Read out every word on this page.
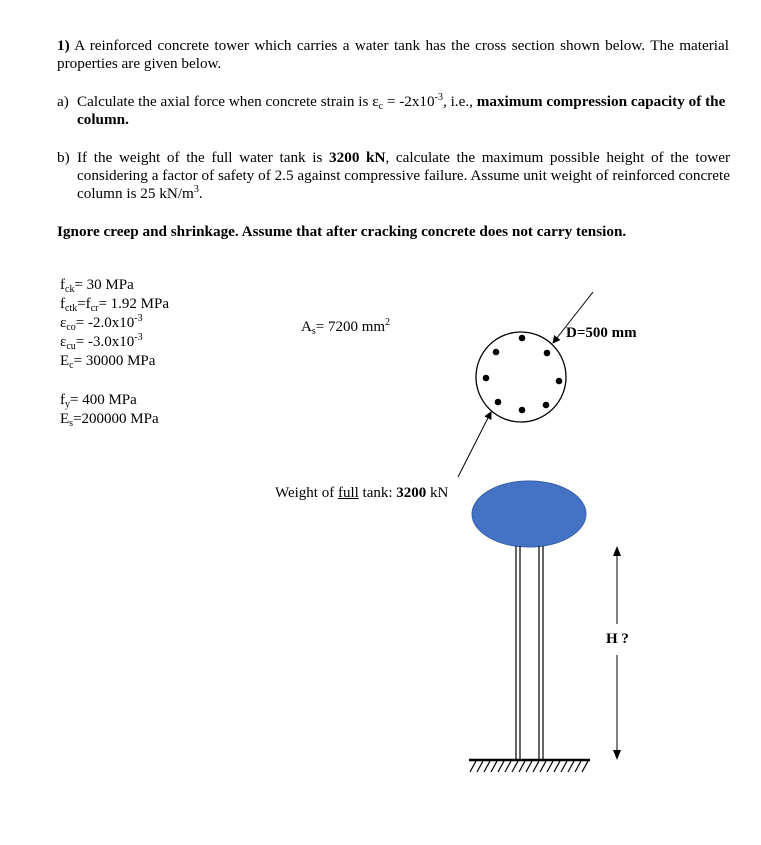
1) A reinforced concrete tower which carries a water tank has the cross section shown below. The material properties are given below.
a) Calculate the axial force when concrete strain is $\varepsilon_c = -2x10^{-3}$, i.e., maximum compression capacity of the column.
b) If the weight of the full water tank is 3200 kN, calculate the maximum possible height of the tower considering a factor of safety of 2.5 against compressive failure. Assume unit weight of reinforced concrete column is 25 $kN/m^3$.
Ignore creep and shrinkage. Assume that after cracking concrete does not carry tension.
$f_{ck}= 30$ MPa
$f_{ctk}=f_{cr}= 1.92$ MPa
$\varepsilon_{co}= -2.0x10^{-3}$
$\varepsilon_{cu}= -3.0x10^{-3}$
$E_c= 30000$ MPa
$f_y= 400$ MPa
$E_s=200000$ MPa
$A_s= 7200$ $mm^2$
D=500 mm
Weight of full tank: 3200 kN
H ?
